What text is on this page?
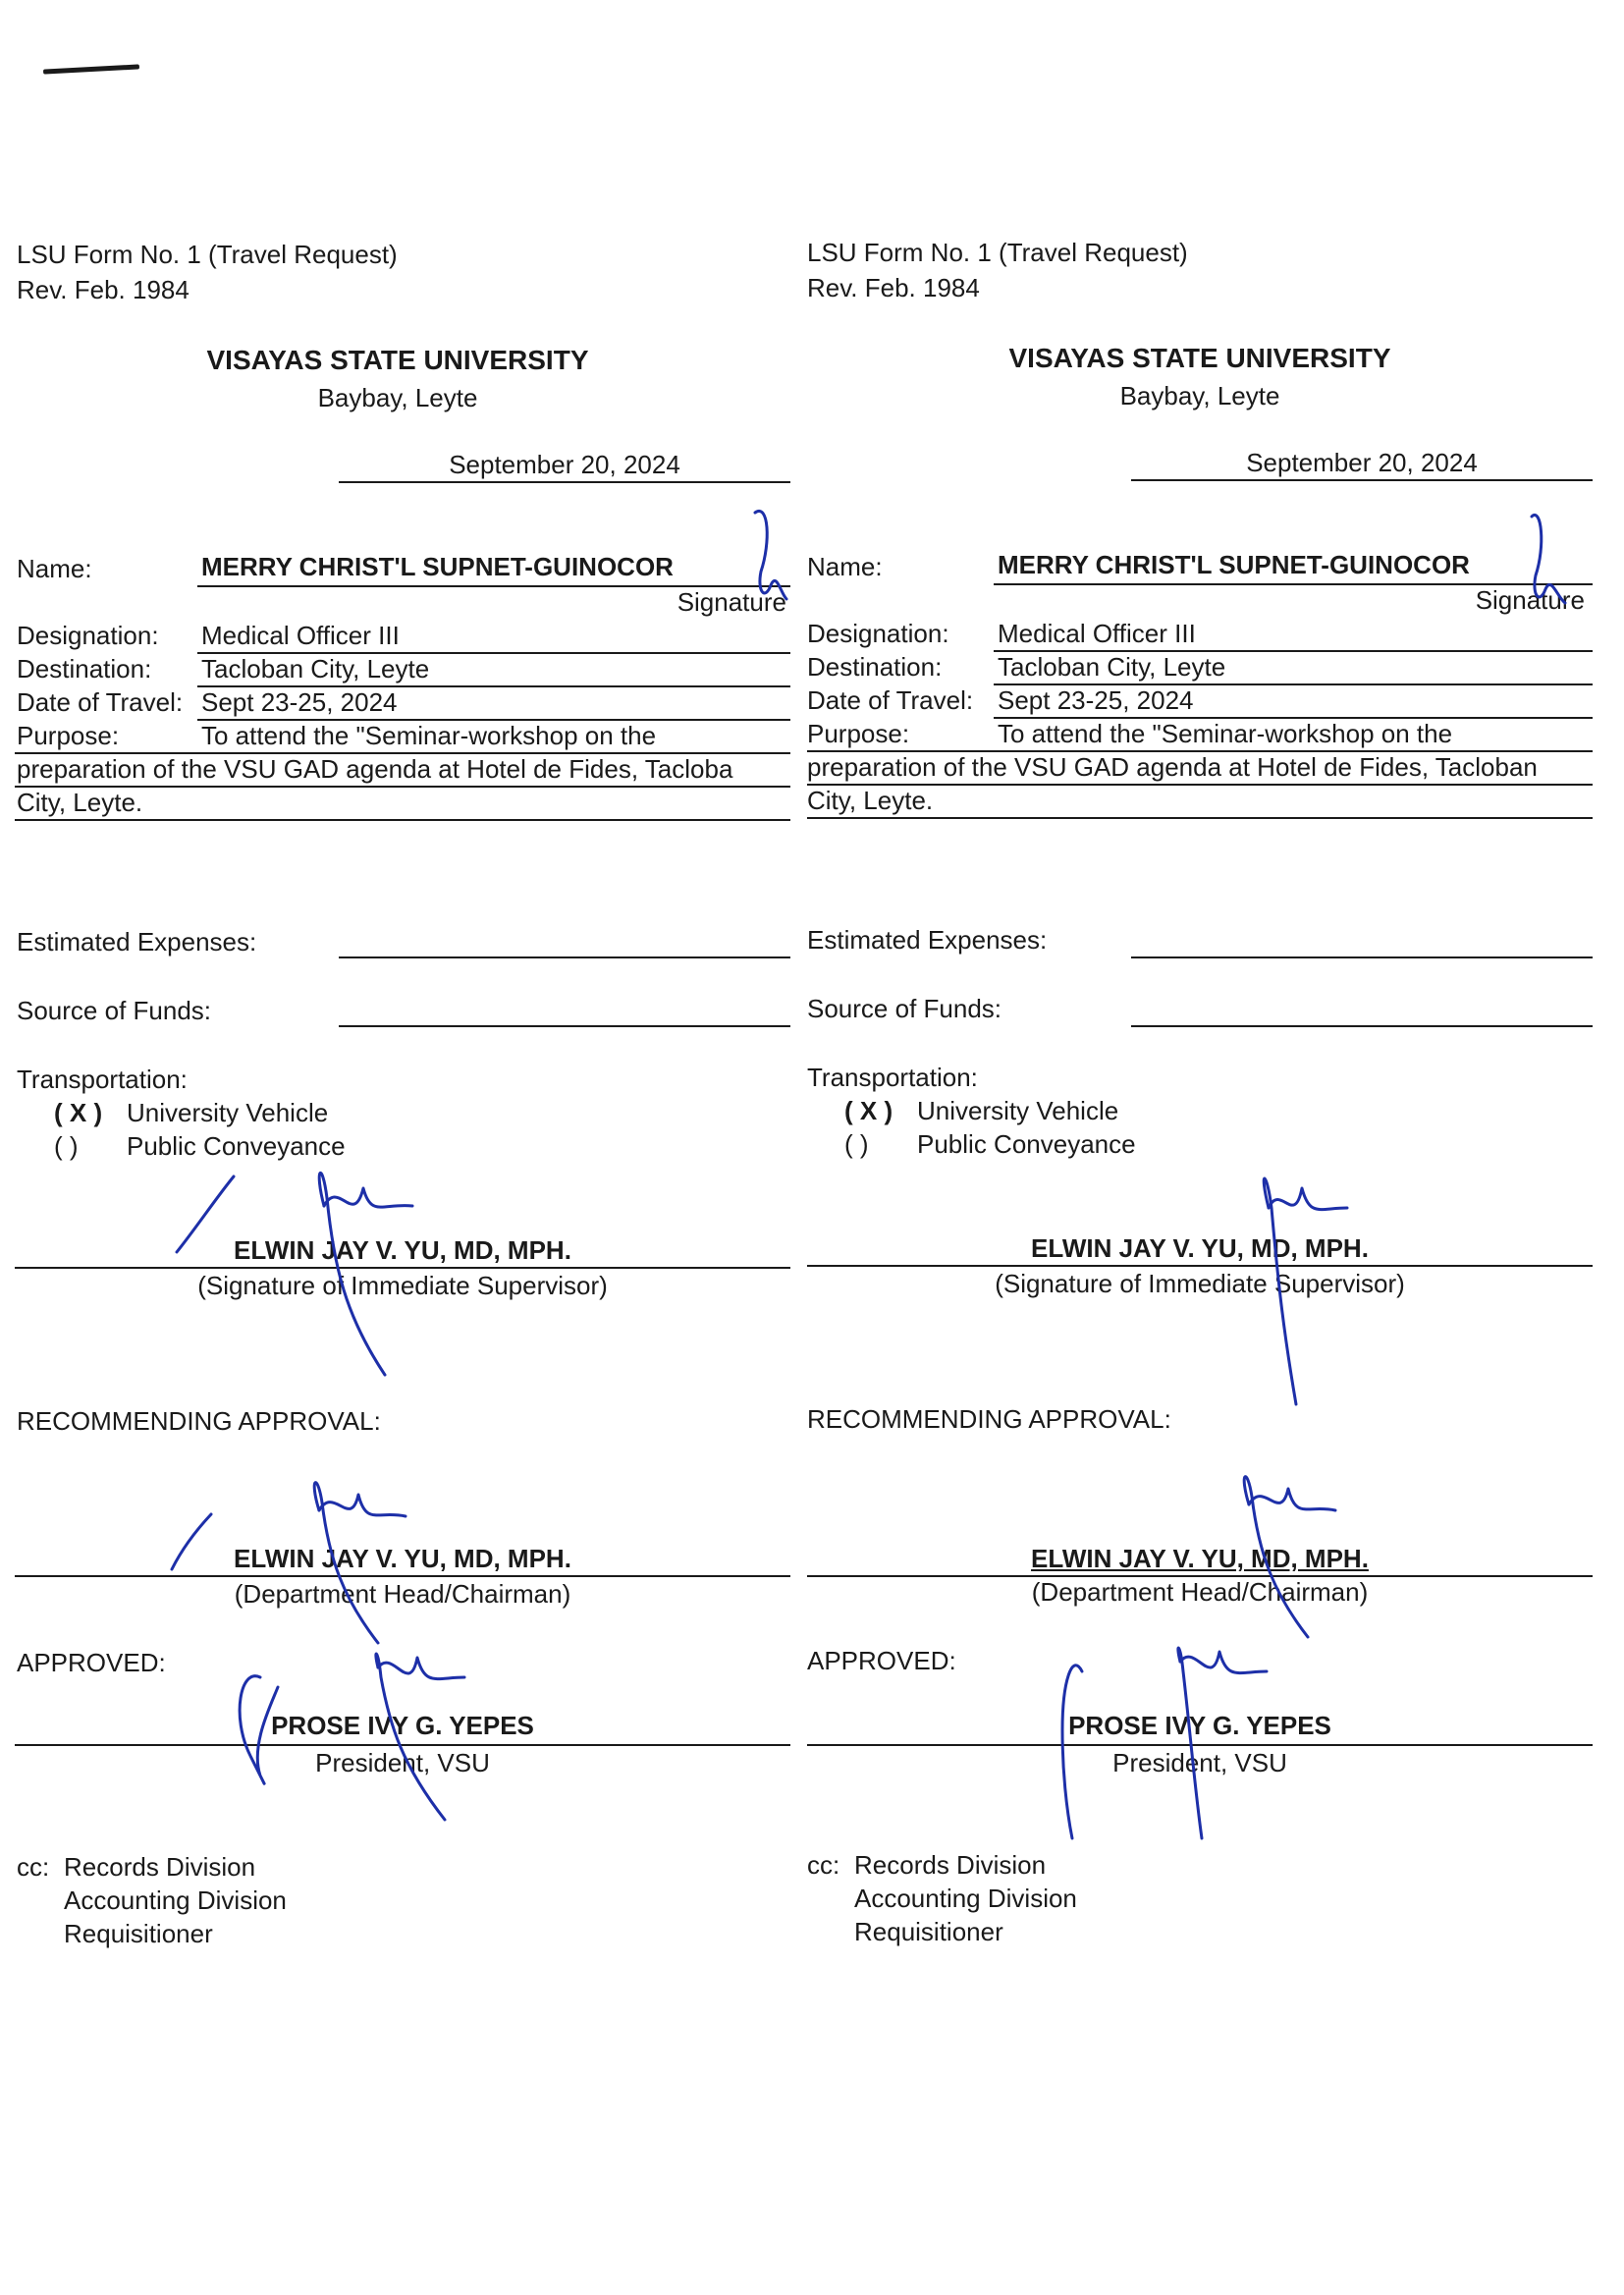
LSU Form No. 1 (Travel Request)
Rev. Feb. 1984
VISAYAS STATE UNIVERSITY
Baybay, Leyte
September 20, 2024
Name:	MERRY CHRIST'L SUPNET-GUINOCOR
Signature
Designation: Medical Officer III
Destination: Tacloban City, Leyte
Date of Travel: Sept 23-25, 2024
Purpose:	To attend the "Seminar-workshop on the
preparation of the VSU GAD agenda at Hotel de Fides, Tacloba
City, Leyte.
Estimated Expenses:
Source of Funds:
Transportation:
( X ) University Vehicle
( ) Public Conveyance
ELWIN JAY V. YU, MD, MPH.
(Signature of Immediate Supervisor)
RECOMMENDING APPROVAL:
ELWIN JAY V. YU, MD, MPH.
(Department Head/Chairman)
APPROVED:
PROSE IVY G. YEPES
President, VSU
cc: Records Division
Accounting Division
Requisitioner
LSU Form No. 1 (Travel Request)
Rev. Feb. 1984
VISAYAS STATE UNIVERSITY
Baybay, Leyte
September 20, 2024
Name:	MERRY CHRIST'L SUPNET-GUINOCOR
Signature
Designation: Medical Officer III
Destination: Tacloban City, Leyte
Date of Travel: Sept 23-25, 2024
Purpose:	To attend the "Seminar-workshop on the
preparation of the VSU GAD agenda at Hotel de Fides, Tacloban
City, Leyte.
Estimated Expenses:
Source of Funds:
Transportation:
( X ) University Vehicle
( ) Public Conveyance
ELWIN JAY V. YU, MD, MPH.
(Signature of Immediate Supervisor)
RECOMMENDING APPROVAL:
ELWIN JAY V. YU, MD, MPH.
(Department Head/Chairman)
APPROVED:
PROSE IVY G. YEPES
President, VSU
cc: Records Division
Accounting Division
Requisitioner
